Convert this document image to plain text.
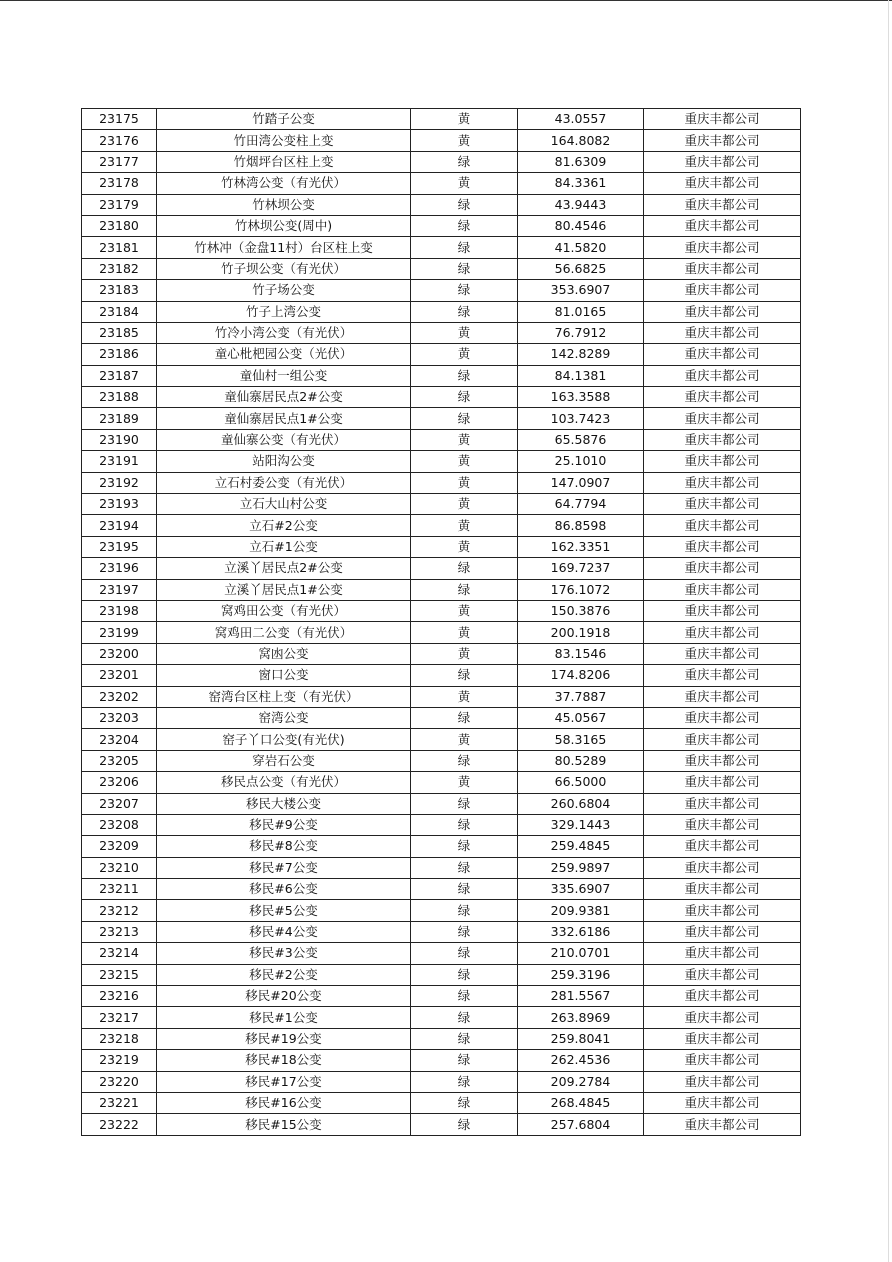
23175	竹踏子公变	黄	43.0557	重庆丰都公司
23176	竹田湾公变柱上变	黄	164.8082	重庆丰都公司
23177	竹烟坪台区柱上变	绿	81.6309	重庆丰都公司
23178	竹林湾公变（有光伏）	黄	84.3361	重庆丰都公司
23179	竹林坝公变	绿	43.9443	重庆丰都公司
23180	竹林坝公变(周中)	绿	80.4546	重庆丰都公司
23181	竹林冲（金盘11村）台区柱上变	绿	41.5820	重庆丰都公司
23182	竹子坝公变（有光伏）	绿	56.6825	重庆丰都公司
23183	竹子场公变	绿	353.6907	重庆丰都公司
23184	竹子上湾公变	绿	81.0165	重庆丰都公司
23185	竹冷小湾公变（有光伏）	黄	76.7912	重庆丰都公司
23186	童心枇杷园公变（光伏）	黄	142.8289	重庆丰都公司
23187	童仙村一组公变	绿	84.1381	重庆丰都公司
23188	童仙寨居民点2#公变	绿	163.3588	重庆丰都公司
23189	童仙寨居民点1#公变	绿	103.7423	重庆丰都公司
23190	童仙寨公变（有光伏）	黄	65.5876	重庆丰都公司
23191	站阳沟公变	黄	25.1010	重庆丰都公司
23192	立石村委公变（有光伏）	黄	147.0907	重庆丰都公司
23193	立石大山村公变	黄	64.7794	重庆丰都公司
23194	立石#2公变	黄	86.8598	重庆丰都公司
23195	立石#1公变	黄	162.3351	重庆丰都公司
23196	立溪丫居民点2#公变	绿	169.7237	重庆丰都公司
23197	立溪丫居民点1#公变	绿	176.1072	重庆丰都公司
23198	窝鸡田公变（有光伏）	黄	150.3876	重庆丰都公司
23199	窝鸡田二公变（有光伏）	黄	200.1918	重庆丰都公司
23200	窝凼公变	黄	83.1546	重庆丰都公司
23201	窗口公变	绿	174.8206	重庆丰都公司
23202	窑湾台区柱上变（有光伏）	黄	37.7887	重庆丰都公司
23203	窑湾公变	绿	45.0567	重庆丰都公司
23204	窑子丫口公变(有光伏)	黄	58.3165	重庆丰都公司
23205	穿岩石公变	绿	80.5289	重庆丰都公司
23206	移民点公变（有光伏）	黄	66.5000	重庆丰都公司
23207	移民大楼公变	绿	260.6804	重庆丰都公司
23208	移民#9公变	绿	329.1443	重庆丰都公司
23209	移民#8公变	绿	259.4845	重庆丰都公司
23210	移民#7公变	绿	259.9897	重庆丰都公司
23211	移民#6公变	绿	335.6907	重庆丰都公司
23212	移民#5公变	绿	209.9381	重庆丰都公司
23213	移民#4公变	绿	332.6186	重庆丰都公司
23214	移民#3公变	绿	210.0701	重庆丰都公司
23215	移民#2公变	绿	259.3196	重庆丰都公司
23216	移民#20公变	绿	281.5567	重庆丰都公司
23217	移民#1公变	绿	263.8969	重庆丰都公司
23218	移民#19公变	绿	259.8041	重庆丰都公司
23219	移民#18公变	绿	262.4536	重庆丰都公司
23220	移民#17公变	绿	209.2784	重庆丰都公司
23221	移民#16公变	绿	268.4845	重庆丰都公司
23222	移民#15公变	绿	257.6804	重庆丰都公司
